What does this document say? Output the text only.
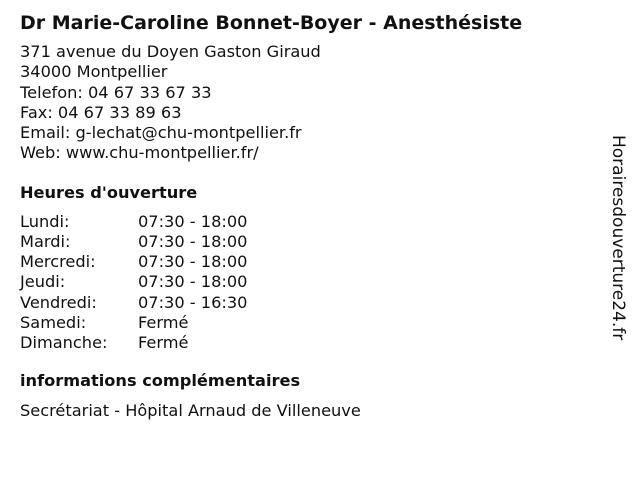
Dr Marie-Caroline Bonnet-Boyer - Anesthésiste
371 avenue du Doyen Gaston Giraud
34000 Montpellier
Telefon: 04 67 33 67 33
Fax: 04 67 33 89 63
Email: g-lechat@chu-montpellier.fr
Web: www.chu-montpellier.fr/
Heures d'ouverture
Lundi:	07:30 - 18:00
Mardi:	07:30 - 18:00
Mercredi:	07:30 - 18:00
Jeudi:	07:30 - 18:00
Vendredi:	07:30 - 16:30
Samedi:	Fermé
Dimanche:	Fermé
informations complémentaires
Secrétariat - Hôpital Arnaud de Villeneuve
Horairesdouverture24.fr
